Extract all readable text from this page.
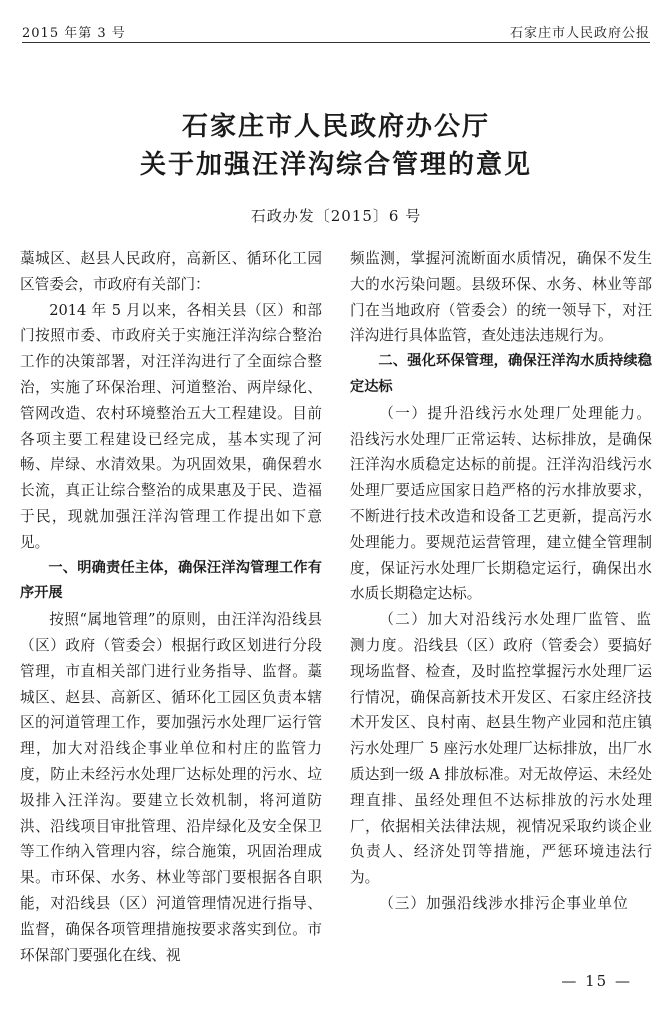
2015 年第 3 号	石家庄市人民政府公报
石家庄市人民政府办公厅
关于加强汪洋沟综合管理的意见
石政办发〔2015〕6 号

藁城区、赵县人民政府，高新区、循环化工园区管委会，市政府有关部门：

2014 年 5 月以来，各相关县（区）和部门按照市委、市政府关于实施汪洋沟综合整治工作的决策部署，对汪洋沟进行了全面综合整治，实施了环保治理、河道整治、两岸绿化、管网改造、农村环境整治五大工程建设。目前各项主要工程建设已经完成，基本实现了河畅、岸绿、水清效果。为巩固效果，确保碧水长流，真正让综合整治的成果惠及于民、造福于民，现就加强汪洋沟管理工作提出如下意见。

一、明确责任主体，确保汪洋沟管理工作有序开展

按照“属地管理”的原则，由汪洋沟沿线县（区）政府（管委会）根据行政区划进行分段管理，市直相关部门进行业务指导、监督。藁城区、赵县、高新区、循环化工园区负责本辖区的河道管理工作，要加强污水处理厂运行管理，加大对沿线企事业单位和村庄的监管力度，防止未经污水处理厂达标处理的污水、垃圾排入汪洋沟。要建立长效机制，将河道防洪、沿线项目审批管理、沿岸绿化及安全保卫等工作纳入管理内容，综合施策，巩固治理成果。市环保、水务、林业等部门要根据各自职能，对沿线县（区）河道管理情况进行指导、监督，确保各项管理措施按要求落实到位。市环保部门要强化在线、视

频监测，掌握河流断面水质情况，确保不发生大的水污染问题。县级环保、水务、林业等部门在当地政府（管委会）的统一领导下，对汪洋沟进行具体监管，查处违法违规行为。

二、强化环保管理，确保汪洋沟水质持续稳定达标

（一）提升沿线污水处理厂处理能力。沿线污水处理厂正常运转、达标排放，是确保汪洋沟水质稳定达标的前提。汪洋沟沿线污水处理厂要适应国家日趋严格的污水排放要求，不断进行技术改造和设备工艺更新，提高污水处理能力。要规范运营管理，建立健全管理制度，保证污水处理厂长期稳定运行，确保出水水质长期稳定达标。

（二）加大对沿线污水处理厂监管、监测力度。沿线县（区）政府（管委会）要搞好现场监督、检查，及时监控掌握污水处理厂运行情况，确保高新技术开发区、石家庄经济技术开发区、良村南、赵县生物产业园和范庄镇污水处理厂 5 座污水处理厂达标排放，出厂水质达到一级 A 排放标准。对无故停运、未经处理直排、虽经处理但不达标排放的污水处理厂，依据相关法律法规，视情况采取约谈企业负责人、经济处罚等措施，严惩环境违法行为。

（三）加强沿线涉水排污企事业单位

— 15 —
